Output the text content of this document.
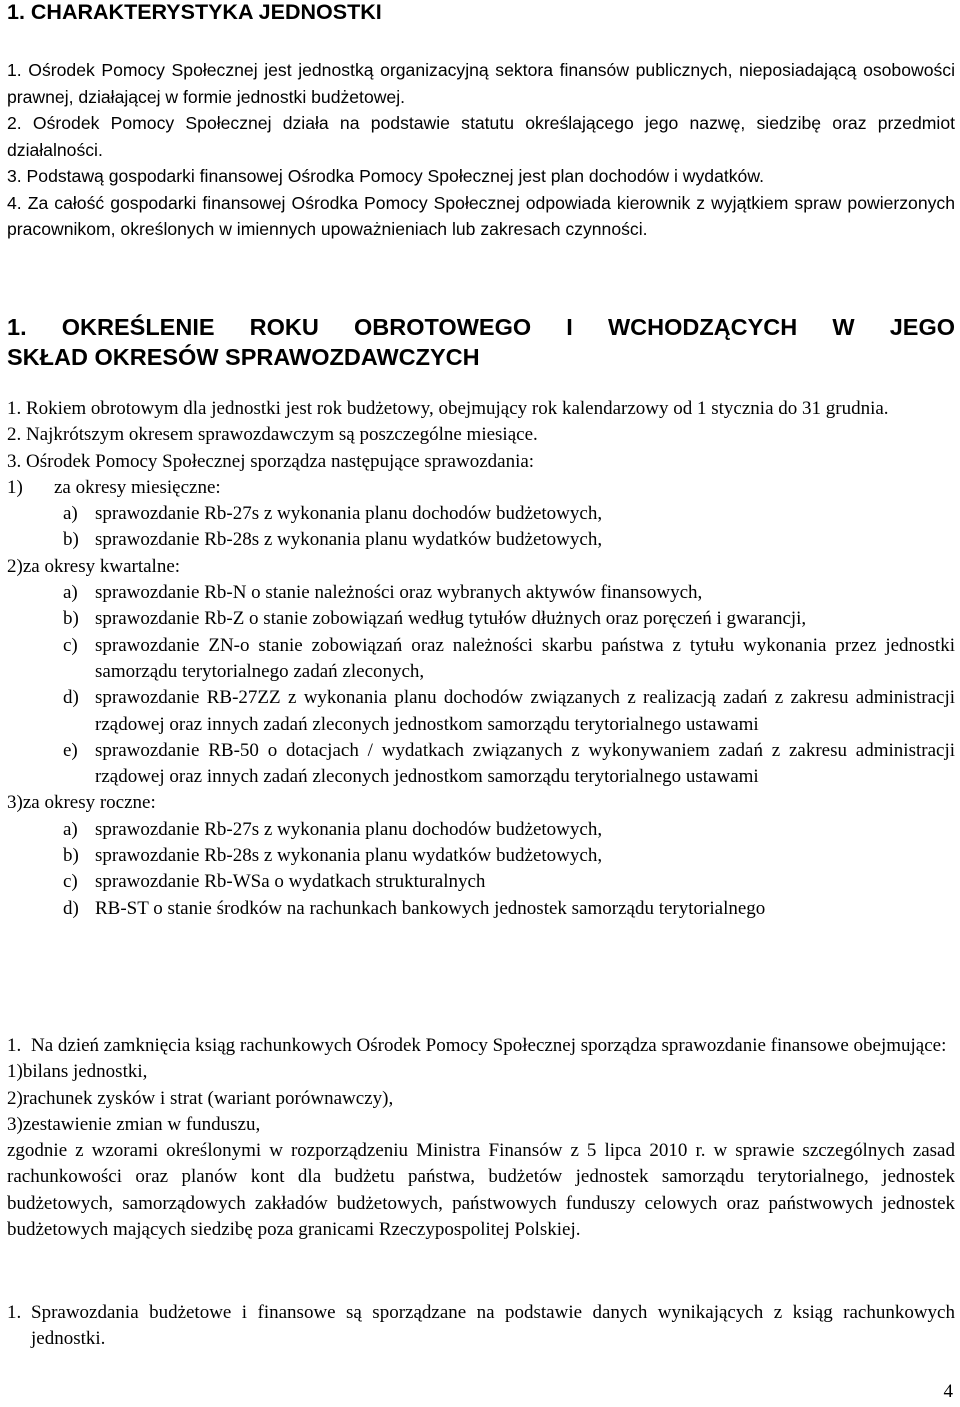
1. CHARAKTERYSTYKA JEDNOSTKI
1. Ośrodek Pomocy Społecznej jest jednostką organizacyjną sektora finansów publicznych, nieposiadającą osobowości prawnej, działającej w formie jednostki budżetowej.
2. Ośrodek Pomocy Społecznej działa na podstawie statutu określającego jego nazwę, siedzibę oraz przedmiot działalności.
3. Podstawą gospodarki finansowej Ośrodka Pomocy Społecznej jest plan dochodów i wydatków.
4. Za całość gospodarki finansowej Ośrodka Pomocy Społecznej odpowiada kierownik z wyjątkiem spraw powierzonych pracownikom, określonych w imiennych upoważnieniach lub zakresach czynności.
1. OKREŚLENIE ROKU OBROTOWEGO I WCHODZĄCYCH W JEGO
SKŁAD OKRESÓW SPRAWOZDAWCZYCH
1. Rokiem obrotowym dla jednostki jest rok budżetowy, obejmujący rok kalendarzowy od 1 stycznia do 31 grudnia.
2. Najkrótszym okresem sprawozdawczym są poszczególne miesiące.
3. Ośrodek Pomocy Społecznej sporządza następujące sprawozdania:
1)	za okresy miesięczne:
a) sprawozdanie Rb-27s z wykonania planu dochodów budżetowych,
b) sprawozdanie Rb-28s z wykonania planu wydatków budżetowych,
2)za okresy kwartalne:
a) sprawozdanie Rb-N o stanie należności oraz wybranych aktywów finansowych,
b) sprawozdanie Rb-Z o stanie zobowiązań według tytułów dłużnych oraz poręczeń i gwarancji,
c) sprawozdanie ZN-o stanie zobowiązań oraz należności skarbu państwa z tytułu wykonania przez jednostki samorządu terytorialnego zadań zleconych,
d) sprawozdanie RB-27ZZ z wykonania planu dochodów związanych z realizacją zadań z zakresu administracji rządowej oraz innych zadań zleconych jednostkom samorządu terytorialnego ustawami
e) sprawozdanie RB-50 o dotacjach / wydatkach związanych z wykonywaniem zadań z zakresu administracji rządowej oraz innych zadań zleconych jednostkom samorządu terytorialnego ustawami
3)za okresy roczne:
a) sprawozdanie Rb-27s z wykonania planu dochodów budżetowych,
b) sprawozdanie Rb-28s z wykonania planu wydatków budżetowych,
c) sprawozdanie Rb-WSa o wydatkach strukturalnych
d) RB-ST o stanie środków na rachunkach bankowych jednostek samorządu terytorialnego
1. Na dzień zamknięcia ksiąg rachunkowych Ośrodek Pomocy Społecznej sporządza sprawozdanie finansowe obejmujące:
1)bilans jednostki,
2)rachunek zysków i strat (wariant porównawczy),
3)zestawienie zmian w funduszu,
zgodnie z wzorami określonymi w rozporządzeniu Ministra Finansów z 5 lipca 2010 r. w sprawie szczególnych zasad rachunkowości oraz planów kont dla budżetu państwa, budżetów jednostek samorządu terytorialnego, jednostek budżetowych, samorządowych zakładów budżetowych, państwowych funduszy celowych oraz państwowych jednostek budżetowych mających siedzibę poza granicami Rzeczypospolitej Polskiej.
1. Sprawozdania budżetowe i finansowe są sporządzane na podstawie danych wynikających z ksiąg rachunkowych jednostki.
4
